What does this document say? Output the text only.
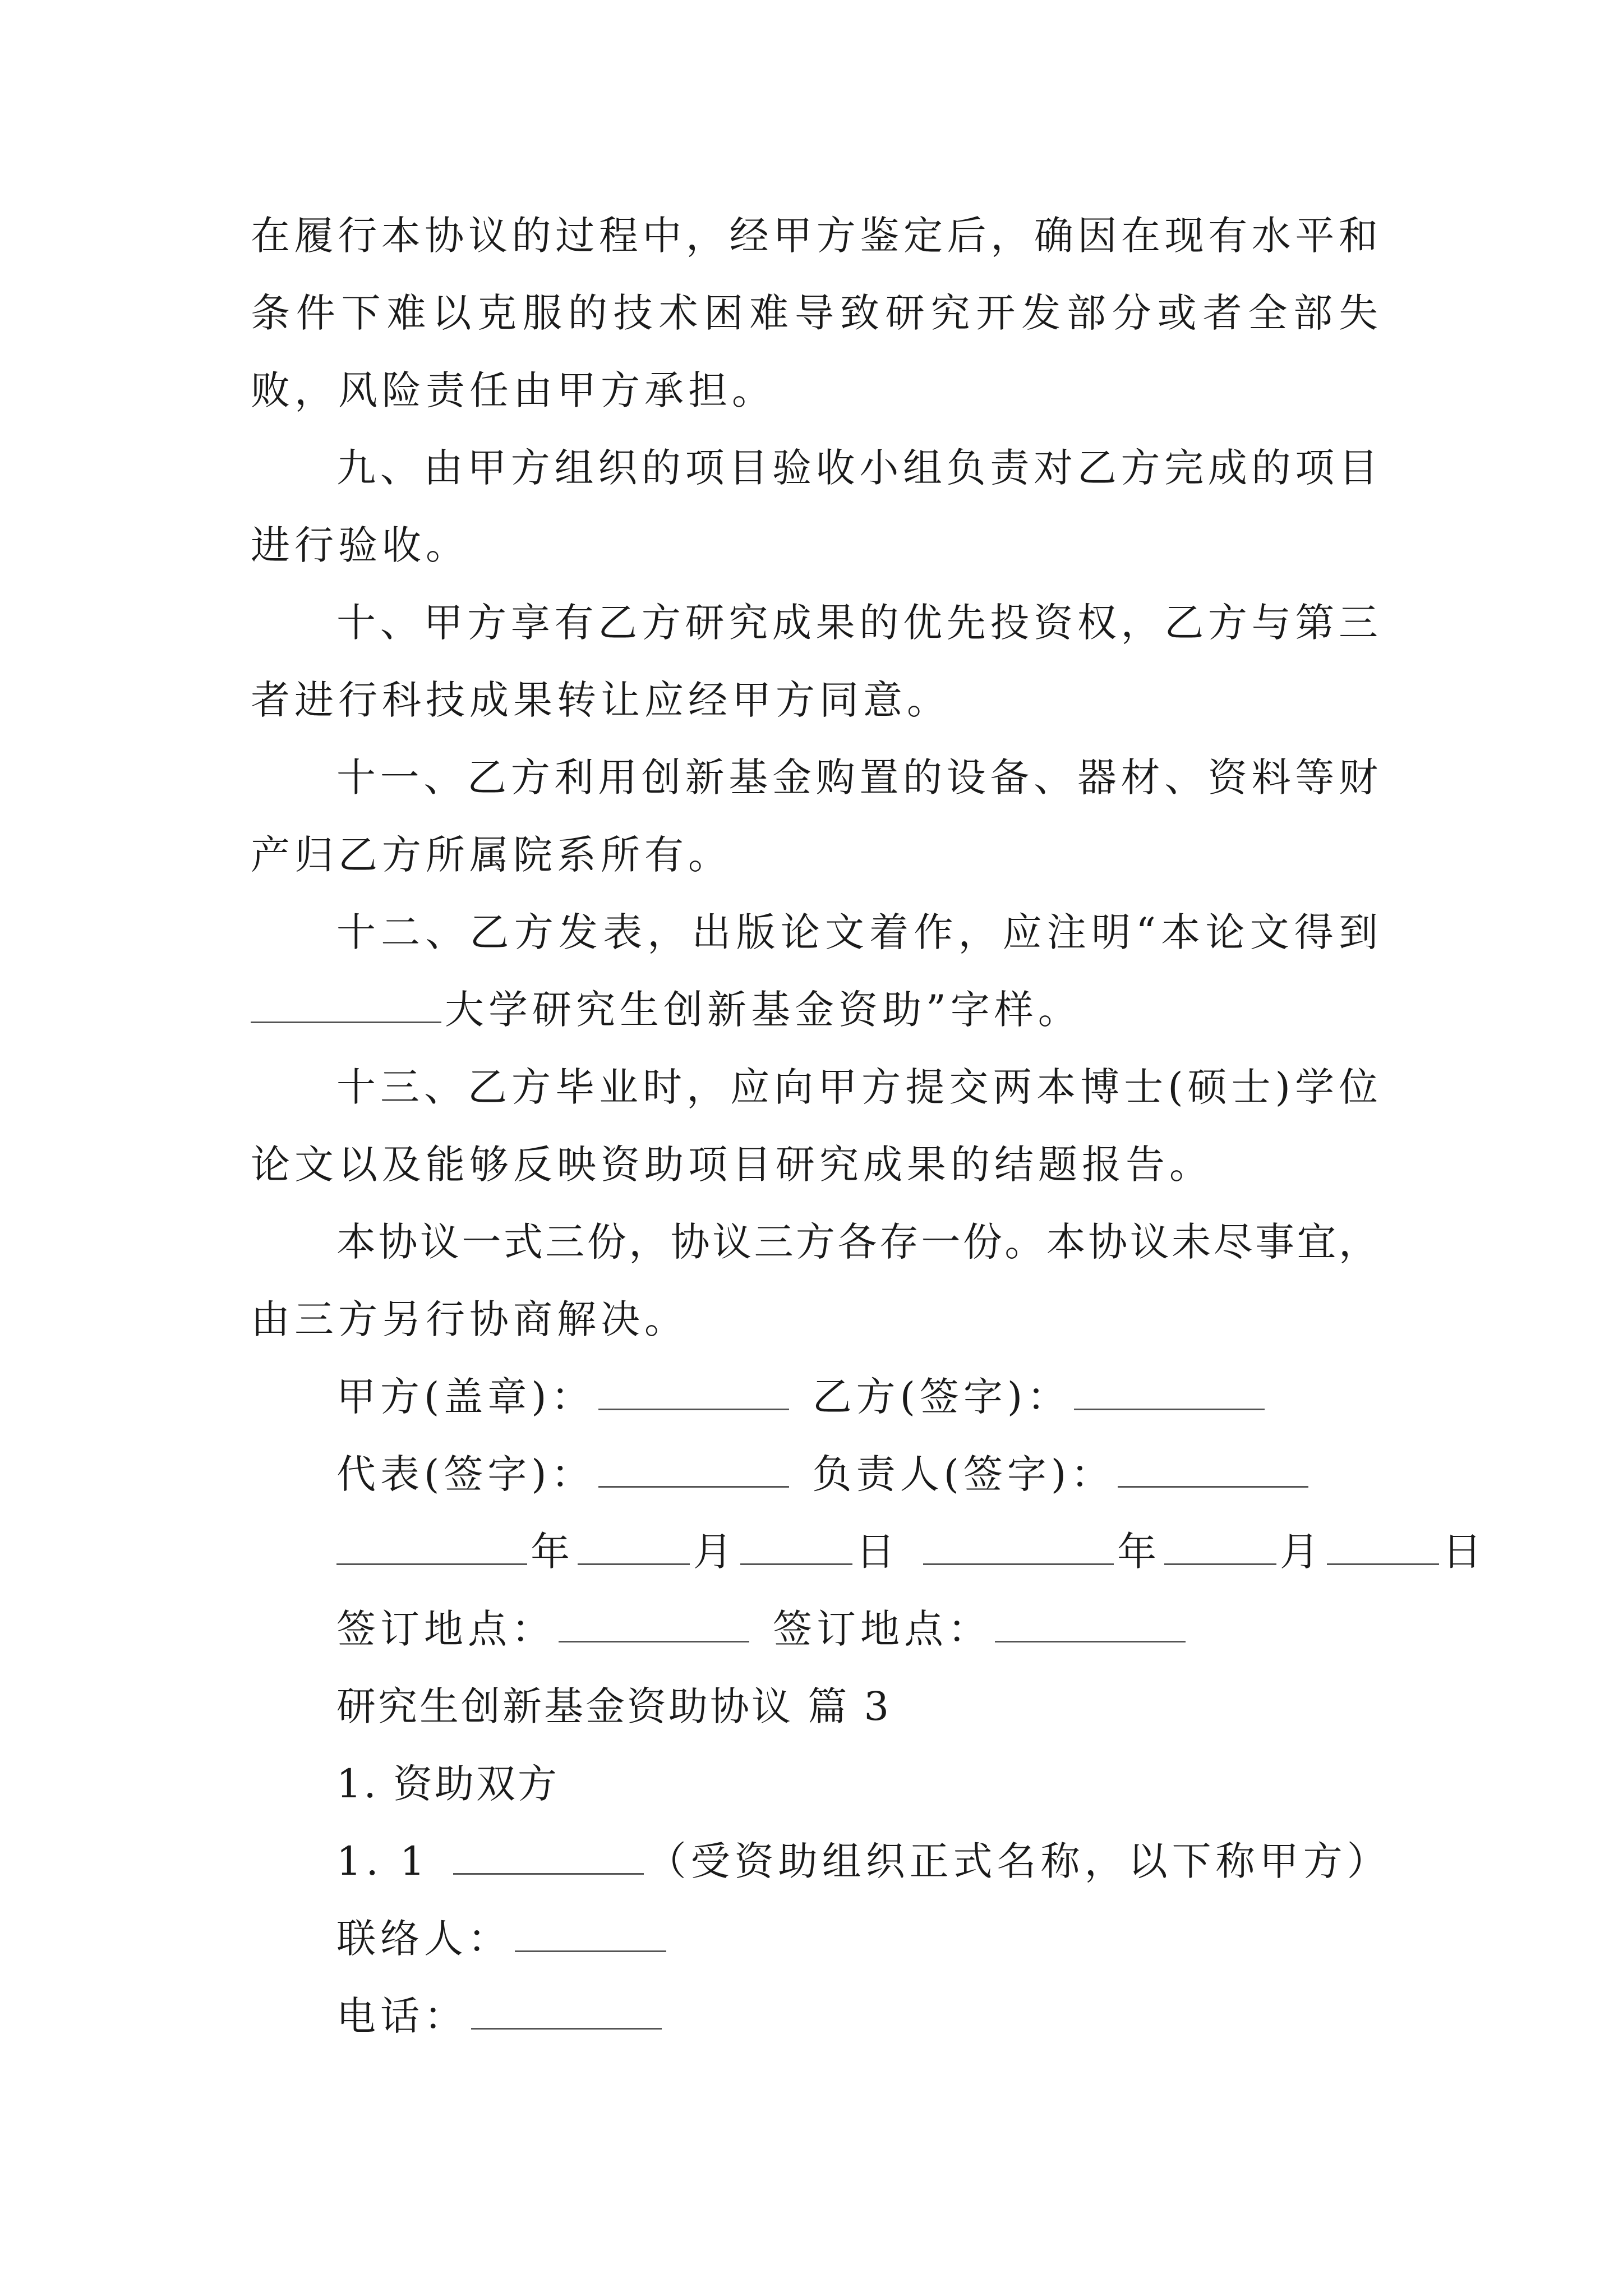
在履行本协议的过程中，经甲方鉴定后，确因在现有水平和
条件下难以克服的技术困难导致研究开发部分或者全部失
败，风险责任由甲方承担。
九、由甲方组织的项目验收小组负责对乙方完成的项目
进行验收。
十、甲方享有乙方研究成果的优先投资权，乙方与第三
者进行科技成果转让应经甲方同意。
十一、乙方利用创新基金购置的设备、器材、资料等财
产归乙方所属院系所有。
十二、乙方发表，出版论文着作，应注明“本论文得到
大学研究生创新基金资助”字样。
十三、乙方毕业时，应向甲方提交两本博士(硕士)学位
论文以及能够反映资助项目研究成果的结题报告。
本协议一式三份，协议三方各存一份。本协议未尽事宜，
由三方另行协商解决。
甲方(盖章)：	乙方(签字)：
代表(签字)：	负责人(签字)：
年	月	日	年	月	日
签订地点：	签订地点：
研究生创新基金资助协议 篇 3
1. 资助双方
1. 1	（受资助组织正式名称，以下称甲方）
联络人：
电话：
